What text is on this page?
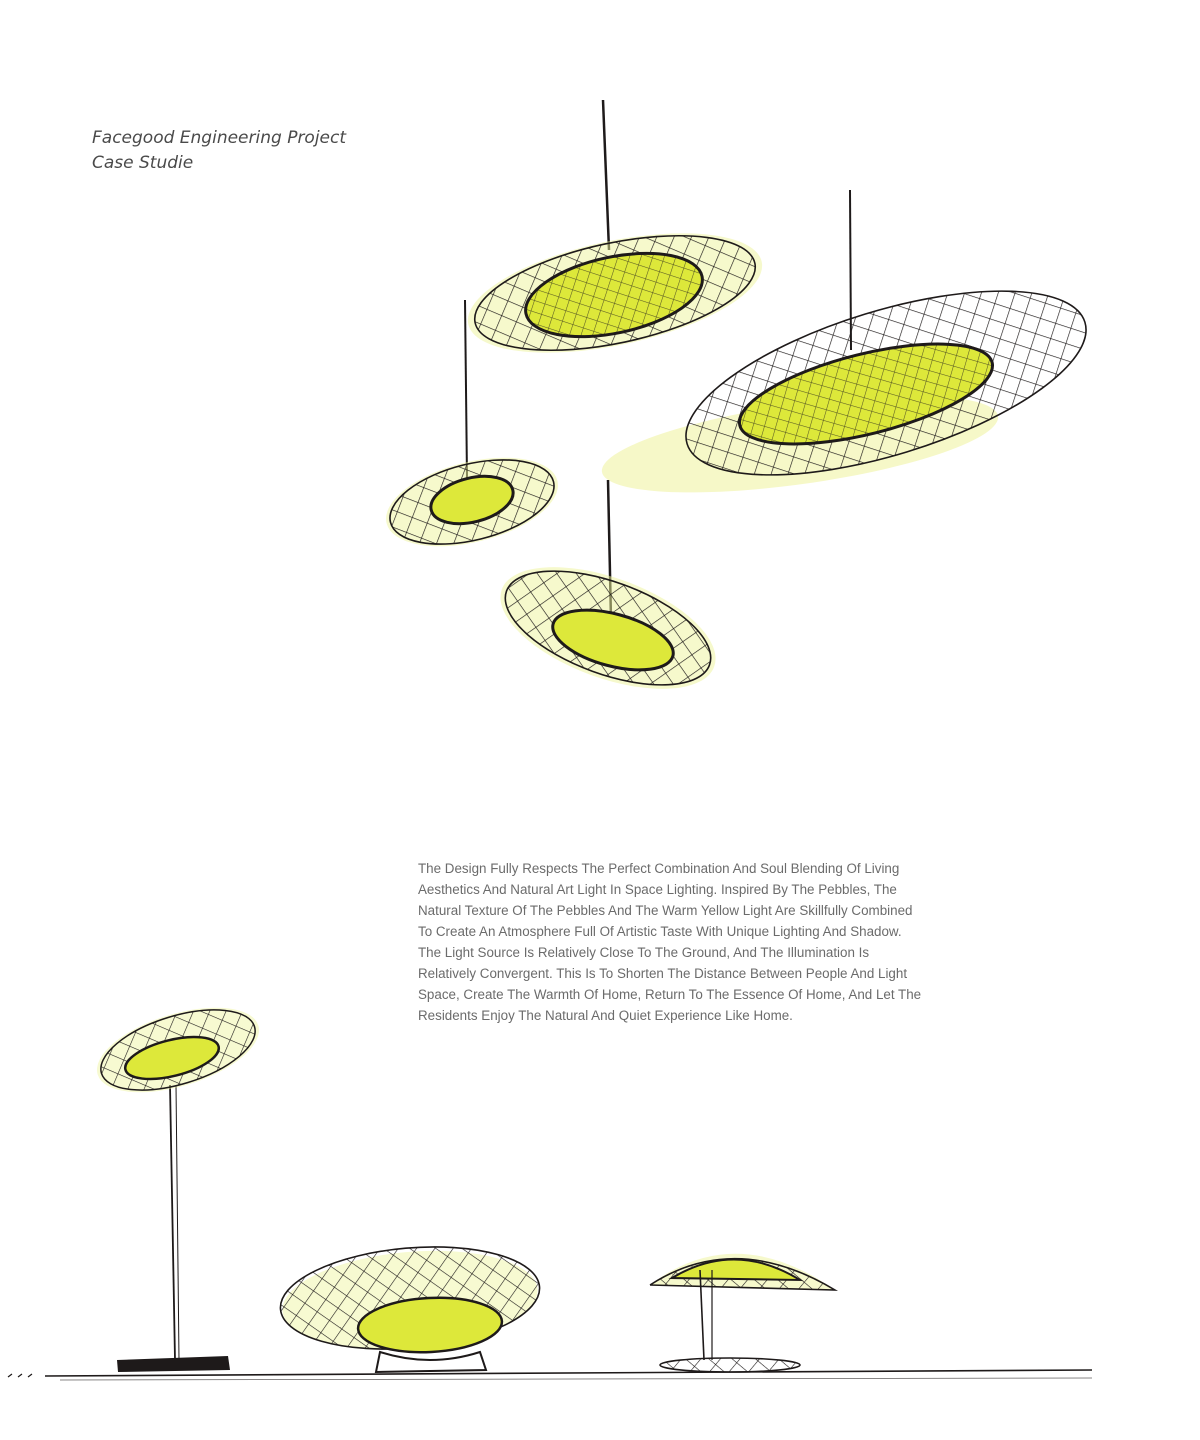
Facegood Engineering Project
Case Studie
The Design Fully Respects The Perfect Combination And Soul Blending Of Living
Aesthetics And Natural Art Light In Space Lighting. Inspired By The Pebbles, The
Natural Texture Of The Pebbles And The Warm Yellow Light Are Skillfully Combined
To Create An Atmosphere Full Of Artistic Taste With Unique Lighting And Shadow.
The Light Source Is Relatively Close To The Ground, And The Illumination Is
Relatively Convergent. This Is To Shorten The Distance Between People And Light
Space, Create The Warmth Of Home, Return To The Essence Of Home, And Let The
Residents Enjoy The Natural And Quiet Experience Like Home.
